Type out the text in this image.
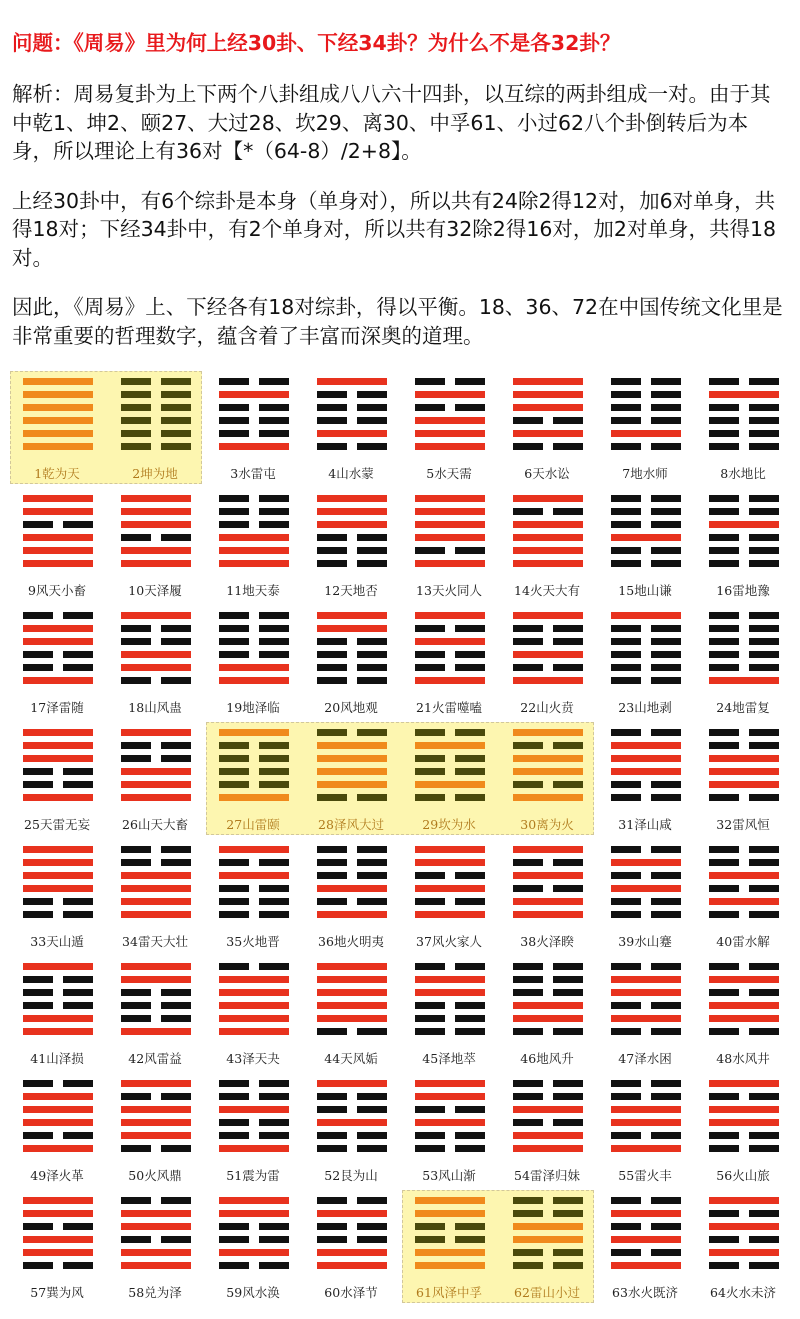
问题：《周易》里为何上经30卦、下经34卦？为什么不是各32卦？

解析：周易复卦为上下两个八卦组成八八六十四卦，以互综的两卦组成一对。由于其中乾1、坤2、颐27、大过28、坎29、离30、中孚61、小过62八个卦倒转后为本身，所以理论上有36对【*（64-8）/2+8】。

上经30卦中，有6个综卦是本身（单身对），所以共有24除2得12对，加6对单身，共得18对；下经34卦中，有2个单身对，所以共有32除2得16对，加2对单身，共得18对。

因此，《周易》上、下经各有18对综卦，得以平衡。18、36、72在中国传统文化里是非常重要的哲理数字，蕴含着了丰富而深奥的道理。

1乾为天	2坤为地	3水雷屯	4山水蒙	5水天需	6天水讼	7地水师	8水地比
9风天小畜	10天泽履	11地天泰	12天地否	13天火同人	14火天大有	15地山谦	16雷地豫
17泽雷随	18山风蛊	19地泽临	20风地观	21火雷噬嗑	22山火贲	23山地剥	24地雷复
25天雷无妄	26山天大畜	27山雷颐	28泽风大过	29坎为水	30离为火	31泽山咸	32雷风恒
33天山遁	34雷天大壮	35火地晋	36地火明夷	37风火家人	38火泽睽	39水山蹇	40雷水解
41山泽损	42风雷益	43泽天夬	44天风姤	45泽地萃	46地风升	47泽水困	48水风井
49泽火革	50火风鼎	51震为雷	52艮为山	53风山渐	54雷泽归妹	55雷火丰	56火山旅
57巽为风	58兑为泽	59风水涣	60水泽节	61风泽中孚	62雷山小过	63水火既济	64火水未济
